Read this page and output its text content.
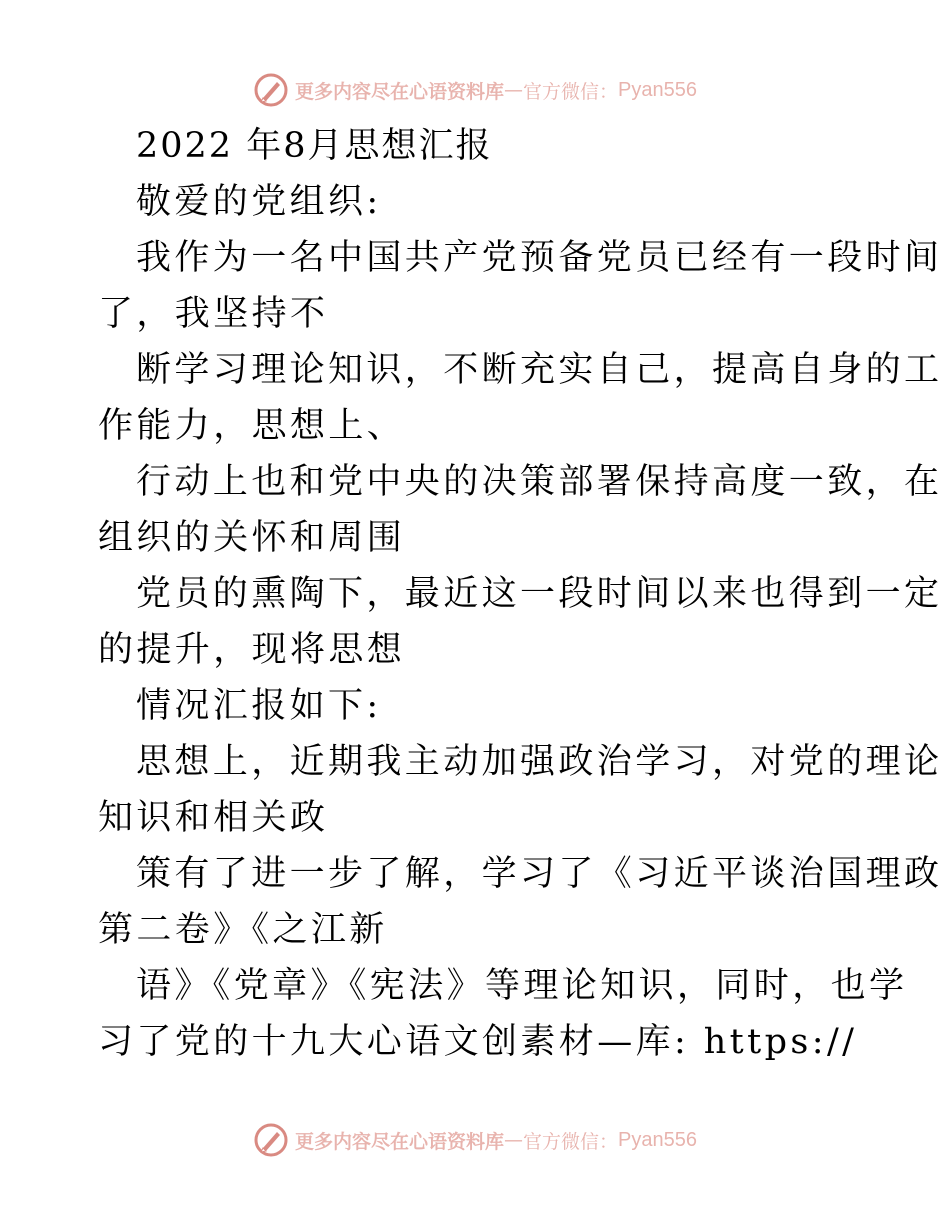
更多内容尽在心语资料库 — 官方微信： Pyan556
2022 年8月思想汇报
敬爱的党组织:
我作为一名中国共产党预备党员已经有一段时间
了，我坚持不
断学习理论知识，不断充实自己，提高自身的工
作能力，思想上、
行动上也和党中央的决策部署保持高度一致，在
组织的关怀和周围
党员的熏陶下，最近这一段时间以来也得到一定
的提升，现将思想
情况汇报如下:
思想上，近期我主动加强政治学习，对党的理论
知识和相关政
策有了进一步了解，学习了《习近平谈治国理政
第二卷》《之江新
语》《党章》《宪法》等理论知识，同时，也学
习了党的十九大心语文创素材—库: https://
更多内容尽在心语资料库 — 官方微信： Pyan556
